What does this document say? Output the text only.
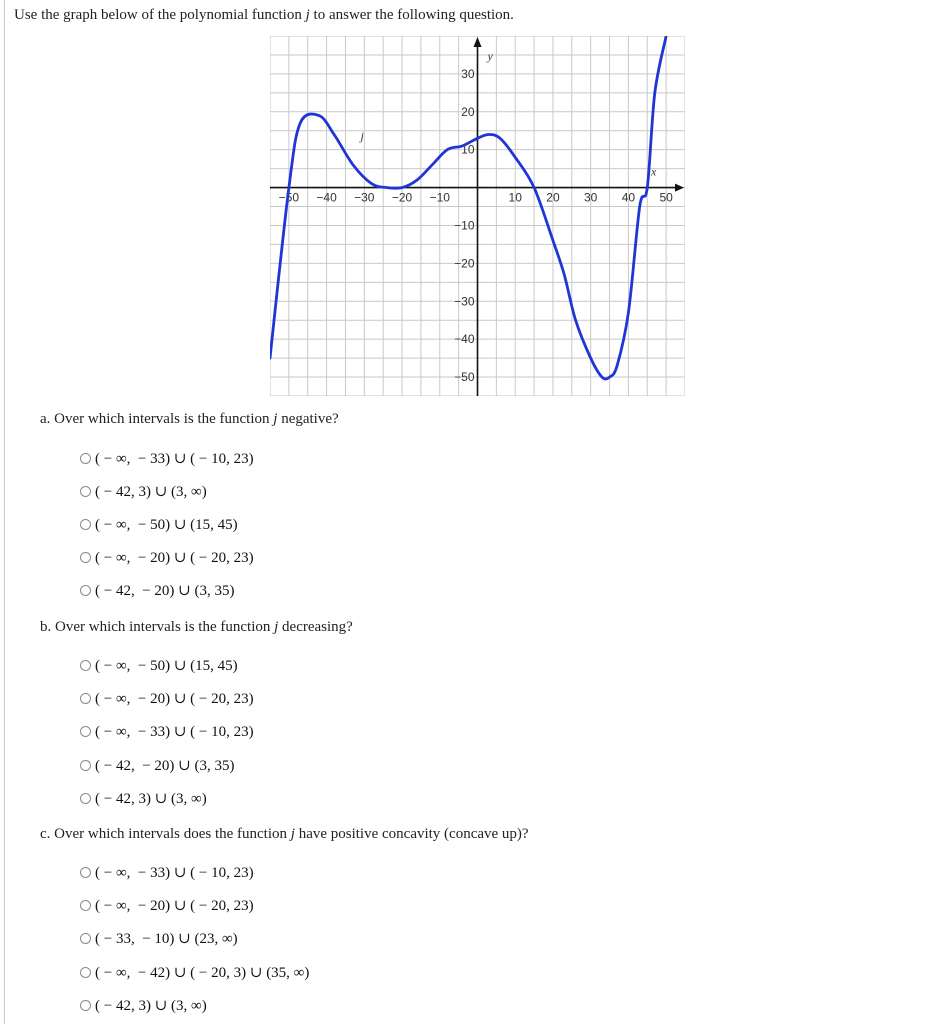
Use the graph below of the polynomial function j to answer the following question.
x
y
−50 −40 −30 −20 −10	10 20 30 40 50
30
20
10
−10
−20
−30
−40
−50
j
a. Over which intervals is the function j negative?
( − ∞,  − 33) ∪ ( − 10, 23)
( − 42, 3) ∪ (3, ∞)
( − ∞,  − 50) ∪ (15, 45)
( − ∞,  − 20) ∪ ( − 20, 23)
( − 42,  − 20) ∪ (3, 35)
b. Over which intervals is the function j decreasing?
( − ∞,  − 50) ∪ (15, 45)
( − ∞,  − 20) ∪ ( − 20, 23)
( − ∞,  − 33) ∪ ( − 10, 23)
( − 42,  − 20) ∪ (3, 35)
( − 42, 3) ∪ (3, ∞)
c. Over which intervals does the function j have positive concavity (concave up)?
( − ∞,  − 33) ∪ ( − 10, 23)
( − ∞,  − 20) ∪ ( − 20, 23)
( − 33,  − 10) ∪ (23, ∞)
( − ∞,  − 42) ∪ ( − 20, 3) ∪ (35, ∞)
( − 42, 3) ∪ (3, ∞)
